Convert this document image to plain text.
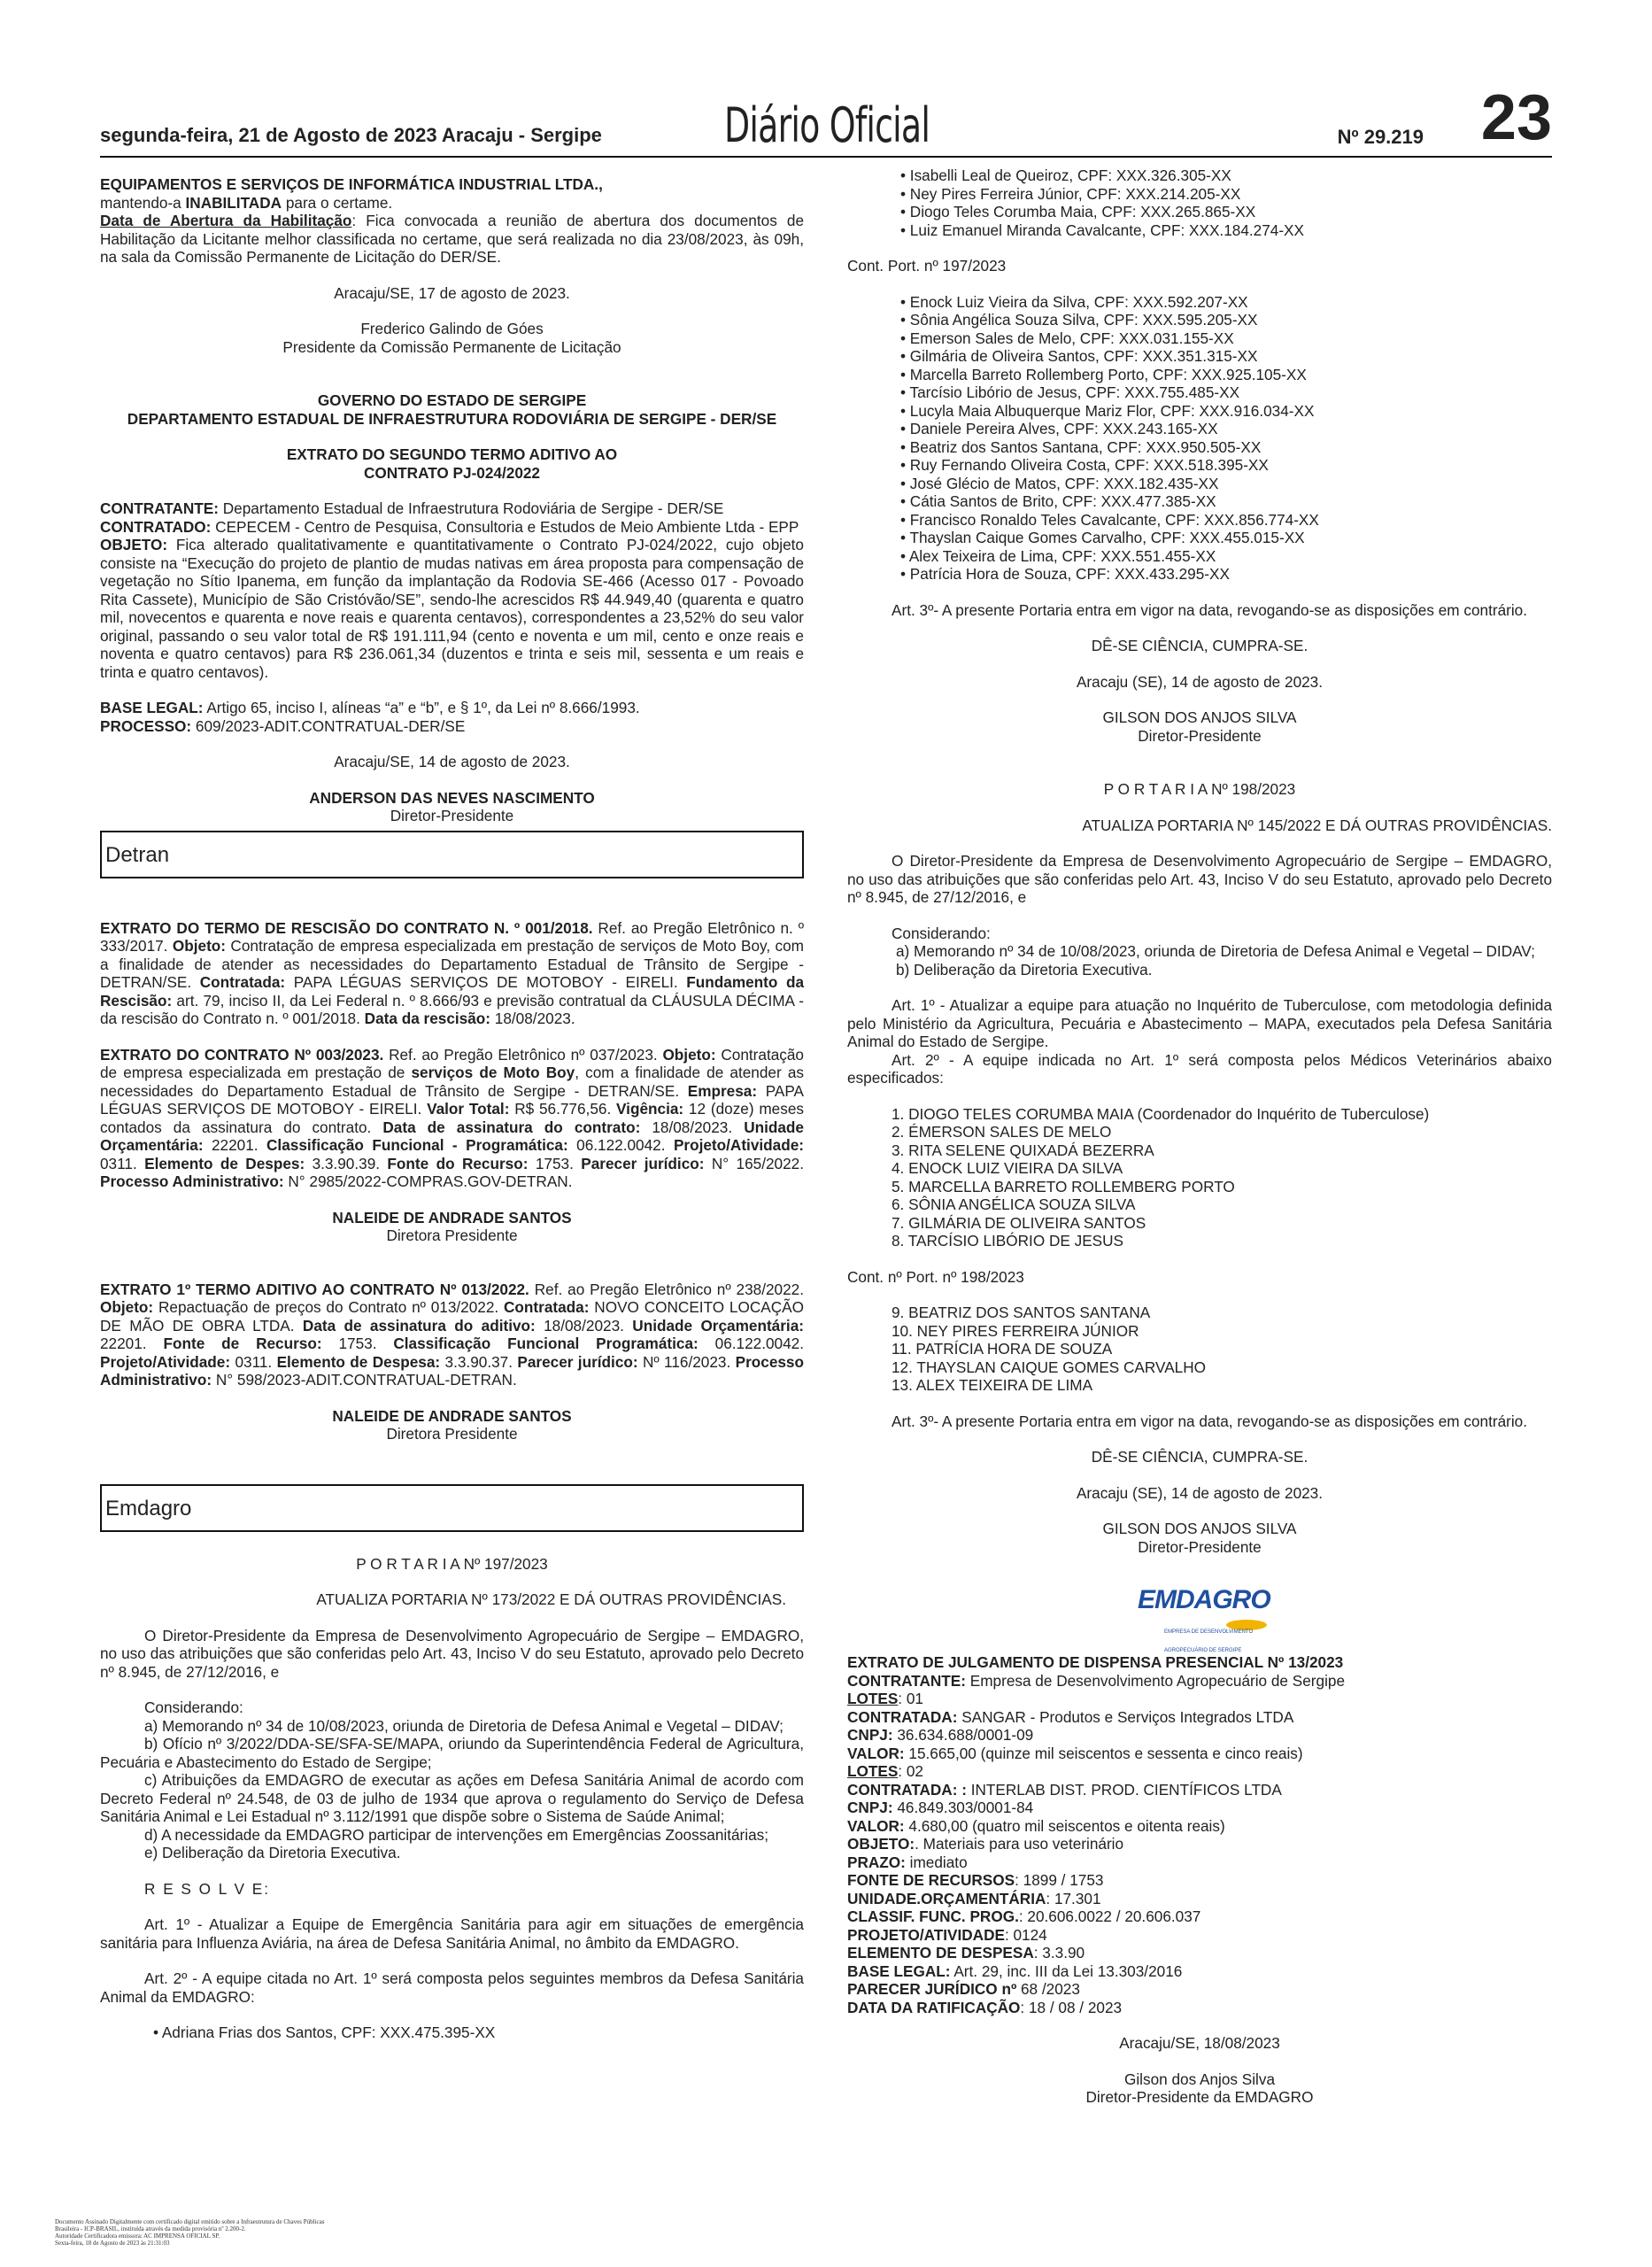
segunda-feira, 21 de Agosto de 2023 Aracaju - Sergipe	Diário Oficial	Nº 29.219 23

EQUIPAMENTOS E SERVIÇOS DE INFORMÁTICA INDUSTRIAL LTDA.,

mantendo-a INABILITADA para o certame.

Data de Abertura da Habilitação: Fica convocada a reunião de abertura dos documentos de Habilitação da Licitante melhor classificada no certame, que será realizada no dia 23/08/2023, às 09h, na sala da Comissão Permanente de Licitação do DER/SE.

Aracaju/SE, 17 de agosto de 2023.

Frederico Galindo de Góes

Presidente da Comissão Permanente de Licitação

GOVERNO DO ESTADO DE SERGIPE

DEPARTAMENTO ESTADUAL DE INFRAESTRUTURA RODOVIÁRIA DE SERGIPE - DER/SE

EXTRATO DO SEGUNDO TERMO ADITIVO AO

CONTRATO PJ-024/2022

CONTRATANTE: Departamento Estadual de Infraestrutura Rodoviária de Sergipe - DER/SE

CONTRATADO: CEPECEM - Centro de Pesquisa, Consultoria e Estudos de Meio Ambiente Ltda - EPP

OBJETO: Fica alterado qualitativamente e quantitativamente o Contrato PJ-024/2022, cujo objeto consiste na “Execução do projeto de plantio de mudas nativas em área proposta para compensação de vegetação no Sítio Ipanema, em função da implantação da Rodovia SE-466 (Acesso 017 - Povoado Rita Cassete), Município de São Cristóvão/SE”, sendo-lhe acrescidos R$ 44.949,40 (quarenta e quatro mil, novecentos e quarenta e nove reais e quarenta centavos), correspondentes a 23,52% do seu valor original, passando o seu valor total de R$ 191.111,94 (cento e noventa e um mil, cento e onze reais e noventa e quatro centavos) para R$ 236.061,34 (duzentos e trinta e seis mil, sessenta e um reais e trinta e quatro centavos).

BASE LEGAL: Artigo 65, inciso I, alíneas “a” e “b”, e § 1º, da Lei nº 8.666/1993.

PROCESSO: 609/2023-ADIT.CONTRATUAL-DER/SE

Aracaju/SE, 14 de agosto de 2023.

ANDERSON DAS NEVES NASCIMENTO

Diretor-Presidente

Detran

EXTRATO DO TERMO DE RESCISÃO DO CONTRATO N. º 001/2018. Ref. ao Pregão Eletrônico n. º 333/2017. Objeto: Contratação de empresa especializada em prestação de serviços de Moto Boy, com a finalidade de atender as necessidades do Departamento Estadual de Trânsito de Sergipe - DETRAN/SE. Contratada: PAPA LÉGUAS SERVIÇOS DE MOTOBOY - EIRELI. Fundamento da Rescisão: art. 79, inciso II, da Lei Federal n. º 8.666/93 e previsão contratual da CLÁUSULA DÉCIMA - da rescisão do Contrato n. º 001/2018. Data da rescisão: 18/08/2023.

EXTRATO DO CONTRATO Nº 003/2023. Ref. ao Pregão Eletrônico nº 037/2023. Objeto: Contratação de empresa especializada em prestação de serviços de Moto Boy, com a finalidade de atender as necessidades do Departamento Estadual de Trânsito de Sergipe - DETRAN/SE. Empresa: PAPA LÉGUAS SERVIÇOS DE MOTOBOY - EIRELI. Valor Total: R$ 56.776,56. Vigência: 12 (doze) meses contados da assinatura do contrato. Data de assinatura do contrato: 18/08/2023. Unidade Orçamentária: 22201. Classificação Funcional - Programática: 06.122.0042. Projeto/Atividade: 0311. Elemento de Despes: 3.3.90.39. Fonte do Recurso: 1753. Parecer jurídico: N° 165/2022. Processo Administrativo: N° 2985/2022-COMPRAS.GOV-DETRAN.

NALEIDE DE ANDRADE SANTOS

Diretora Presidente

EXTRATO 1º TERMO ADITIVO AO CONTRATO Nº 013/2022. Ref. ao Pregão Eletrônico nº 238/2022. Objeto: Repactuação de preços do Contrato nº 013/2022. Contratada: NOVO CONCEITO LOCAÇÃO DE MÃO DE OBRA LTDA. Data de assinatura do aditivo: 18/08/2023. Unidade Orçamentária: 22201. Fonte de Recurso: 1753. Classificação Funcional Programática: 06.122.0042. Projeto/Atividade: 0311. Elemento de Despesa: 3.3.90.37. Parecer jurídico: Nº 116/2023. Processo Administrativo: N° 598/2023-ADIT.CONTRATUAL-DETRAN.

NALEIDE DE ANDRADE SANTOS

Diretora Presidente

Emdagro

P O R T A R I A Nº 197/2023

ATUALIZA PORTARIA Nº 173/2022 E DÁ OUTRAS PROVIDÊNCIAS.

O Diretor-Presidente da Empresa de Desenvolvimento Agropecuário de Sergipe – EMDAGRO, no uso das atribuições que são conferidas pelo Art. 43, Inciso V do seu Estatuto, aprovado pelo Decreto nº 8.945, de 27/12/2016, e

Considerando:

a) Memorando nº 34 de 10/08/2023, oriunda de Diretoria de Defesa Animal e Vegetal – DIDAV;

b) Ofício nº 3/2022/DDA-SE/SFA-SE/MAPA, oriundo da Superintendência Federal de Agricultura, Pecuária e Abastecimento do Estado de Sergipe;

c) Atribuições da EMDAGRO de executar as ações em Defesa Sanitária Animal de acordo com Decreto Federal nº 24.548, de 03 de julho de 1934 que aprova o regulamento do Serviço de Defesa Sanitária Animal e Lei Estadual nº 3.112/1991 que dispõe sobre o Sistema de Saúde Animal;

d) A necessidade da EMDAGRO participar de intervenções em Emergências Zoossanitárias;

e) Deliberação da Diretoria Executiva.

R E S O L V E:

Art. 1º - Atualizar a Equipe de Emergência Sanitária para agir em situações de emergência sanitária para Influenza Aviária, na área de Defesa Sanitária Animal, no âmbito da EMDAGRO.

Art. 2º - A equipe citada no Art. 1º será composta pelos seguintes membros da Defesa Sanitária Animal da EMDAGRO:

• Adriana Frias dos Santos, CPF: XXX.475.395-XX

• Isabelli Leal de Queiroz, CPF: XXX.326.305-XX

• Ney Pires Ferreira Júnior, CPF: XXX.214.205-XX

• Diogo Teles Corumba Maia, CPF: XXX.265.865-XX

• Luiz Emanuel Miranda Cavalcante, CPF: XXX.184.274-XX

Cont. Port. nº 197/2023

• Enock Luiz Vieira da Silva, CPF: XXX.592.207-XX

• Sônia Angélica Souza Silva, CPF: XXX.595.205-XX

• Emerson Sales de Melo, CPF: XXX.031.155-XX

• Gilmária de Oliveira Santos, CPF: XXX.351.315-XX

• Marcella Barreto Rollemberg Porto, CPF: XXX.925.105-XX

• Tarcísio Libório de Jesus, CPF: XXX.755.485-XX

• Lucyla Maia Albuquerque Mariz Flor, CPF: XXX.916.034-XX

• Daniele Pereira Alves, CPF: XXX.243.165-XX

• Beatriz dos Santos Santana, CPF: XXX.950.505-XX

• Ruy Fernando Oliveira Costa, CPF: XXX.518.395-XX

• José Glécio de Matos, CPF: XXX.182.435-XX

• Cátia Santos de Brito, CPF: XXX.477.385-XX

• Francisco Ronaldo Teles Cavalcante, CPF: XXX.856.774-XX

• Thayslan Caique Gomes Carvalho, CPF: XXX.455.015-XX

• Alex Teixeira de Lima, CPF: XXX.551.455-XX

• Patrícia Hora de Souza, CPF: XXX.433.295-XX

Art. 3º- A presente Portaria entra em vigor na data, revogando-se as disposições em contrário.

DÊ-SE CIÊNCIA, CUMPRA-SE.

Aracaju (SE), 14 de agosto de 2023.

GILSON DOS ANJOS SILVA

Diretor-Presidente

P O R T A R I A Nº 198/2023

ATUALIZA PORTARIA Nº 145/2022 E DÁ OUTRAS PROVIDÊNCIAS.

O Diretor-Presidente da Empresa de Desenvolvimento Agropecuário de Sergipe – EMDAGRO, no uso das atribuições que são conferidas pelo Art. 43, Inciso V do seu Estatuto, aprovado pelo Decreto nº 8.945, de 27/12/2016, e

Considerando:

a) Memorando nº 34 de 10/08/2023, oriunda de Diretoria de Defesa Animal e Vegetal – DIDAV;

b) Deliberação da Diretoria Executiva.

Art. 1º - Atualizar a equipe para atuação no Inquérito de Tuberculose, com metodologia definida pelo Ministério da Agricultura, Pecuária e Abastecimento – MAPA, executados pela Defesa Sanitária Animal do Estado de Sergipe.

Art. 2º - A equipe indicada no Art. 1º será composta pelos Médicos Veterinários abaixo especificados:

1. DIOGO TELES CORUMBA MAIA (Coordenador do Inquérito de Tuberculose)

2. ÉMERSON SALES DE MELO

3. RITA SELENE QUIXADÁ BEZERRA

4. ENOCK LUIZ VIEIRA DA SILVA

5. MARCELLA BARRETO ROLLEMBERG PORTO

6. SÔNIA ANGÉLICA SOUZA SILVA

7. GILMÁRIA DE OLIVEIRA SANTOS

8. TARCÍSIO LIBÓRIO DE JESUS

Cont. nº Port. nº 198/2023

9. BEATRIZ DOS SANTOS SANTANA

10. NEY PIRES FERREIRA JÚNIOR

11. PATRÍCIA HORA DE SOUZA

12. THAYSLAN CAIQUE GOMES CARVALHO

13. ALEX TEIXEIRA DE LIMA

Art. 3º- A presente Portaria entra em vigor na data, revogando-se as disposições em contrário.

DÊ-SE CIÊNCIA, CUMPRA-SE.

Aracaju (SE), 14 de agosto de 2023.

GILSON DOS ANJOS SILVA

Diretor-Presidente

EMDAGRO
EMPRESA DE DESENVOLVIMENTO AGROPECUÁRIO DE SERGIPE

EXTRATO DE JULGAMENTO DE DISPENSA PRESENCIAL Nº 13/2023

CONTRATANTE: Empresa de Desenvolvimento Agropecuário de Sergipe

LOTES: 01

CONTRATADA: SANGAR - Produtos e Serviços Integrados LTDA

CNPJ: 36.634.688/0001-09

VALOR: 15.665,00 (quinze mil seiscentos e sessenta e cinco reais)

LOTES: 02

CONTRATADA: : INTERLAB DIST. PROD. CIENTÍFICOS LTDA

CNPJ: 46.849.303/0001-84

VALOR: 4.680,00 (quatro mil seiscentos e oitenta reais)

OBJETO:. Materiais para uso veterinário

PRAZO: imediato

FONTE DE RECURSOS: 1899 / 1753

UNIDADE.ORÇAMENTÁRIA: 17.301

CLASSIF. FUNC. PROG.: 20.606.0022 / 20.606.037

PROJETO/ATIVIDADE: 0124

ELEMENTO DE DESPESA: 3.3.90

BASE LEGAL: Art. 29, inc. III da Lei 13.303/2016

PARECER JURÍDICO nº 68 /2023

DATA DA RATIFICAÇÃO: 18 / 08 / 2023

Aracaju/SE, 18/08/2023

Gilson dos Anjos Silva

Diretor-Presidente da EMDAGRO

Documento Assinado Digitalmente com certificado digital emitido sobre a Infraestrutura de Chaves Públicas
Brasileira - ICP-BRASIL, instituída através da medida provisória nº 2.200-2.
Autoridade Certificadora emissora: AC IMPRENSA OFICIAL SP.
Sexta-feira, 18 de Agosto de 2023 às 21:31:03
